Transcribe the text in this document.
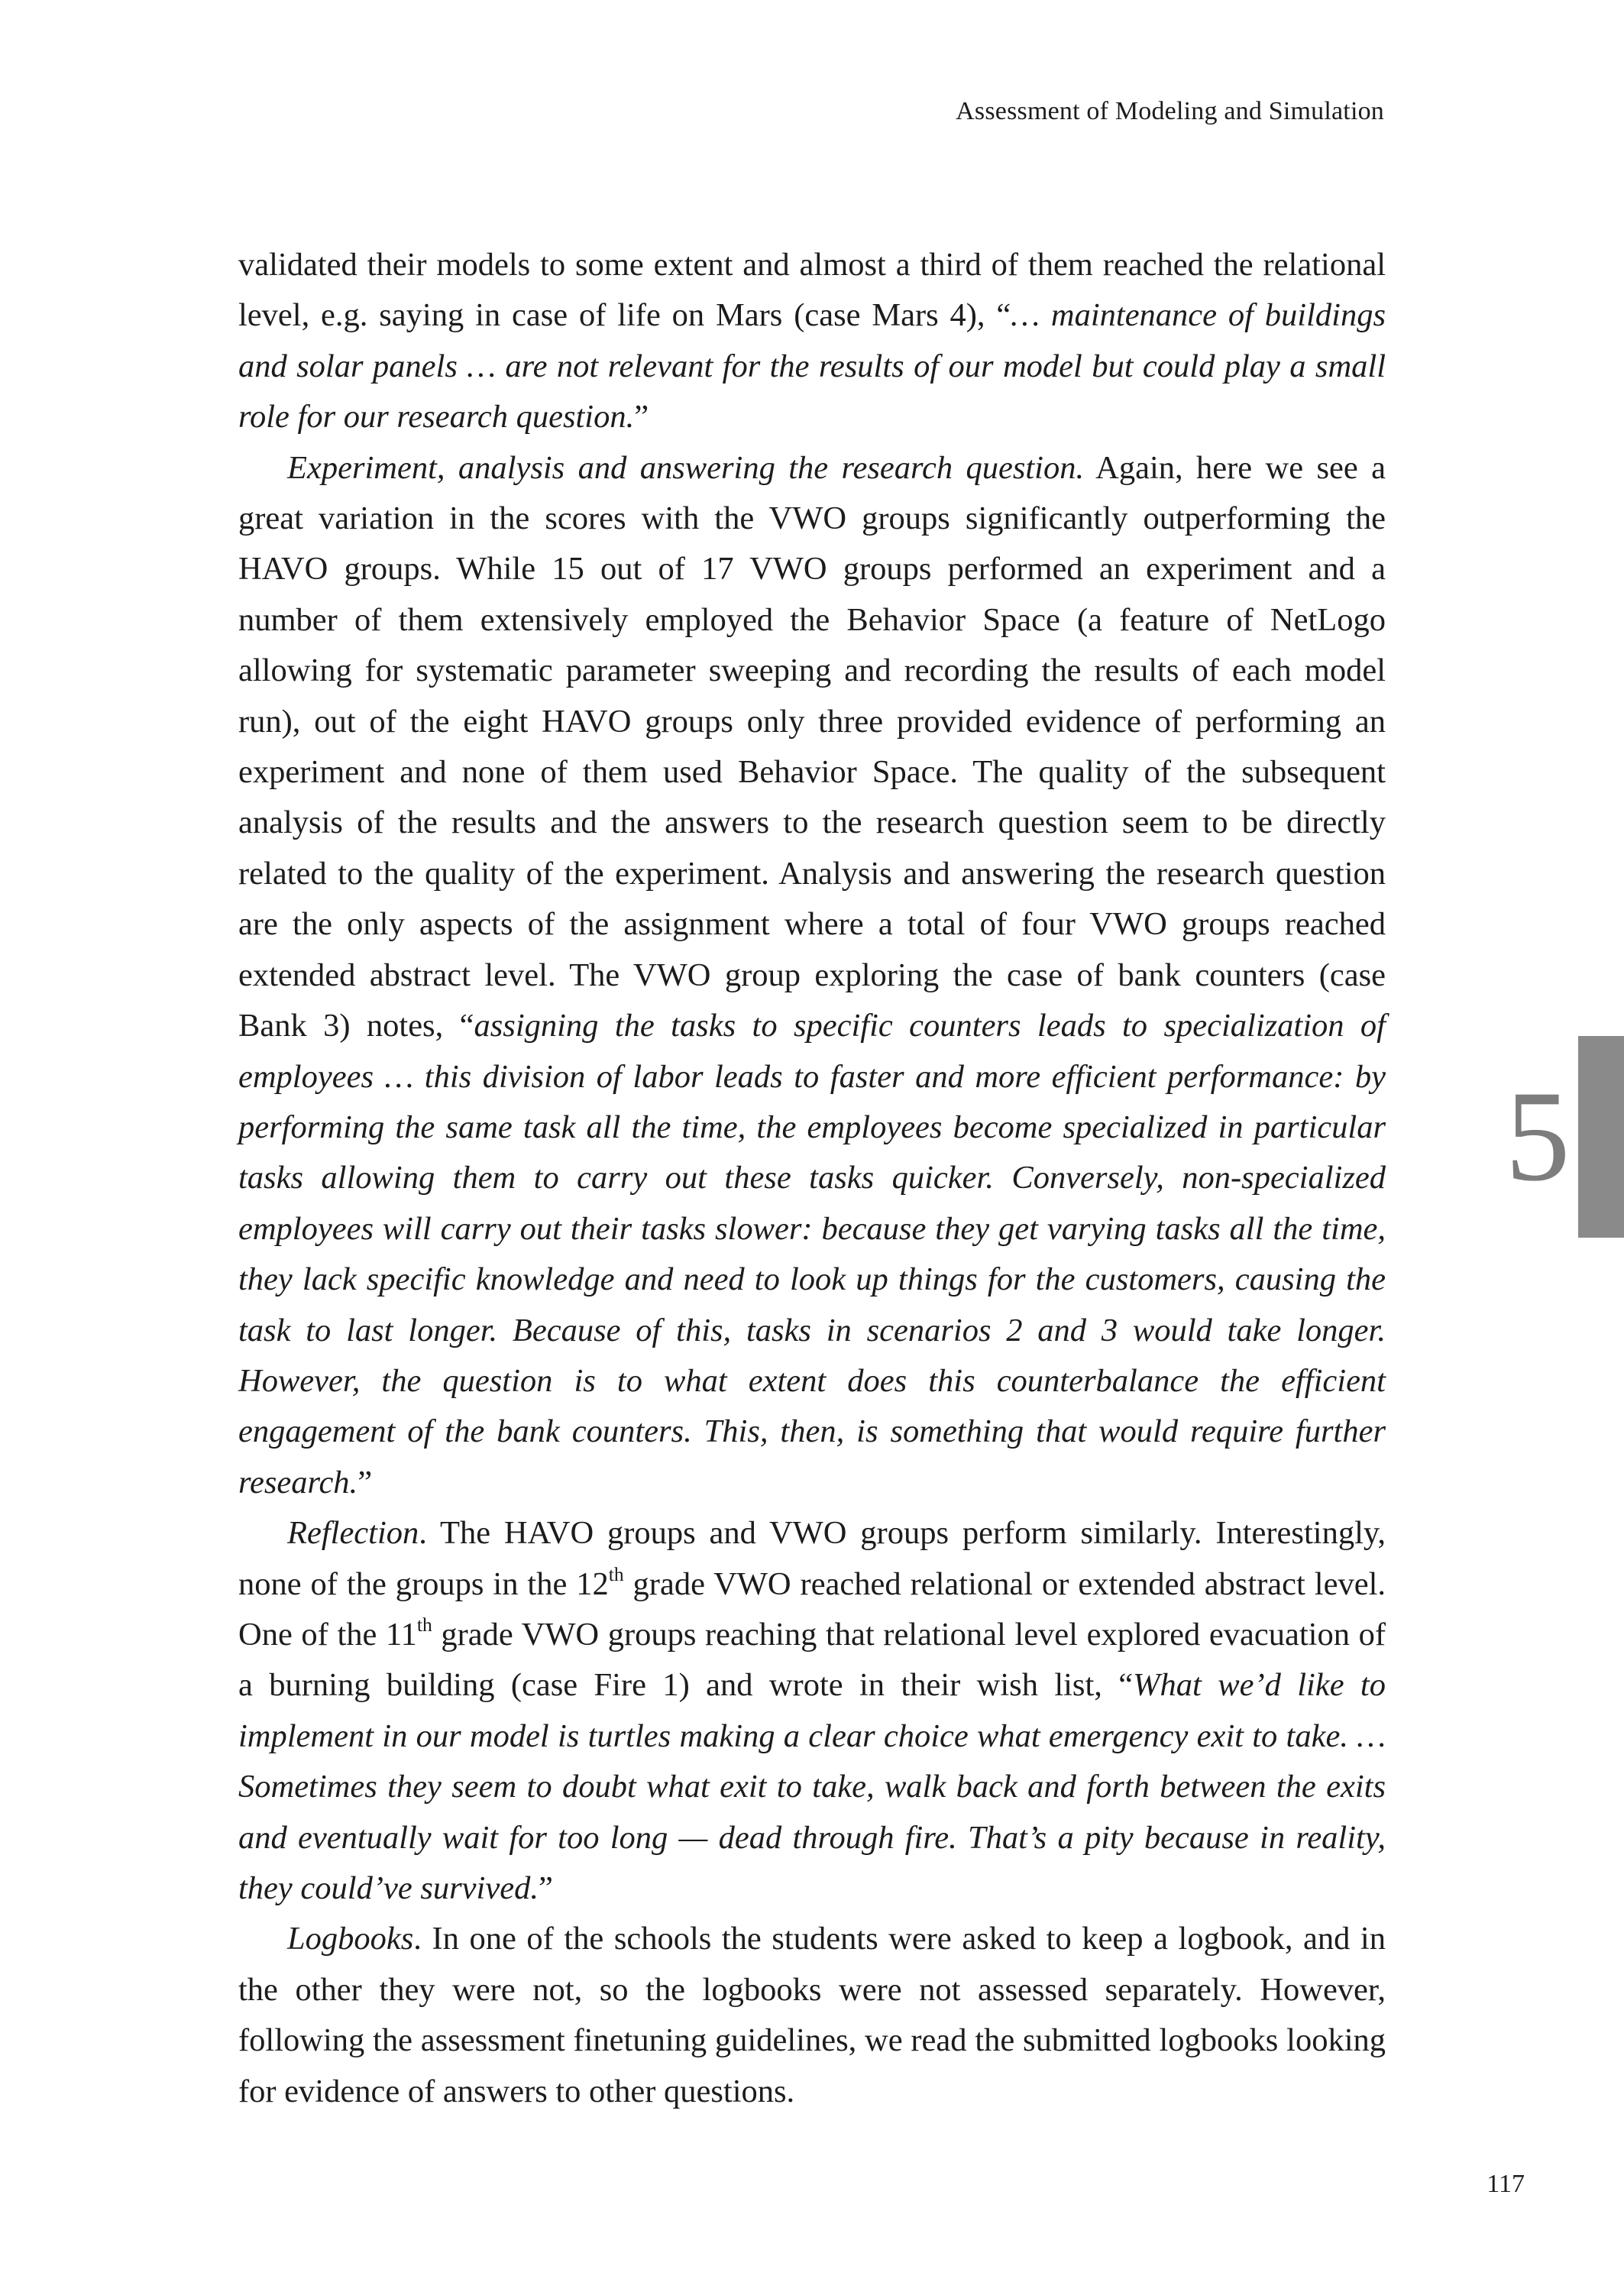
Assessment of Modeling and Simulation

validated their models to some extent and almost a third of them reached the relational level, e.g. saying in case of life on Mars (case Mars 4), “… maintenance of buildings and solar panels … are not relevant for the results of our model but could play a small role for our research question.”

Experiment, analysis and answering the research question. Again, here we see a great variation in the scores with the VWO groups significantly outperforming the HAVO groups. While 15 out of 17 VWO groups performed an experiment and a number of them extensively employed the Behavior Space (a feature of NetLogo allowing for systematic parameter sweeping and recording the results of each model run), out of the eight HAVO groups only three provided evidence of performing an experiment and none of them used Behavior Space. The quality of the subsequent analysis of the results and the answers to the research question seem to be directly related to the quality of the experiment. Analysis and answering the research question are the only aspects of the assignment where a total of four VWO groups reached extended abstract level. The VWO group exploring the case of bank counters (case Bank 3) notes, “assigning the tasks to specific counters leads to specialization of employees … this division of labor leads to faster and more efficient performance: by performing the same task all the time, the employees become specialized in particular tasks allowing them to carry out these tasks quicker. Conversely, non-specialized employees will carry out their tasks slower: because they get varying tasks all the time, they lack specific knowledge and need to look up things for the customers, causing the task to last longer. Because of this, tasks in scenarios 2 and 3 would take longer. However, the question is to what extent does this counterbalance the efficient engagement of the bank counters. This, then, is something that would require further research.”

Reflection. The HAVO groups and VWO groups perform similarly. Interestingly, none of the groups in the 12th grade VWO reached relational or extended abstract level. One of the 11th grade VWO groups reaching that relational level explored evacuation of a burning building (case Fire 1) and wrote in their wish list, “What we’d like to implement in our model is turtles making a clear choice what emergency exit to take. … Sometimes they seem to doubt what exit to take, walk back and forth between the exits and eventually wait for too long — dead through fire. That’s a pity because in reality, they could’ve survived.”

Logbooks. In one of the schools the students were asked to keep a logbook, and in the other they were not, so the logbooks were not assessed separately. However, following the assessment finetuning guidelines, we read the submitted logbooks looking for evidence of answers to other questions.

5
117
